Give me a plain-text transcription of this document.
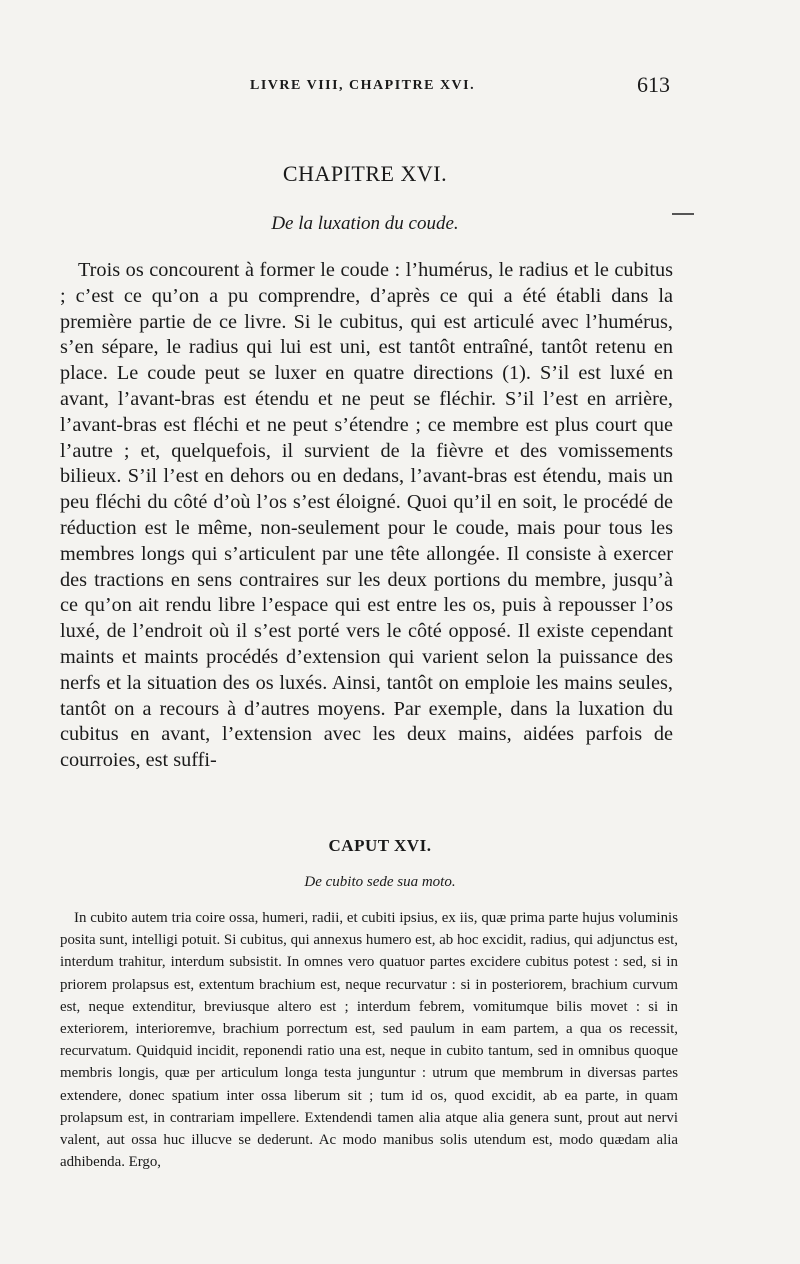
LIVRE VIII, CHAPITRE XVI.	613
CHAPITRE XVI.
De la luxation du coude.

Trois os concourent à former le coude : l’humérus, le radius et le cubitus ; c’est ce qu’on a pu comprendre, d’après ce qui a été établi dans la première partie de ce livre. Si le cubitus, qui est articulé avec l’humérus, s’en sépare, le radius qui lui est uni, est tantôt entraîné, tantôt retenu en place. Le coude peut se luxer en quatre directions (1). S’il est luxé en avant, l’avant-bras est étendu et ne peut se fléchir. S’il l’est en arrière, l’avant-bras est fléchi et ne peut s’étendre ; ce membre est plus court que l’autre ; et, quelquefois, il survient de la fièvre et des vomissements bilieux. S’il l’est en dehors ou en dedans, l’avant-bras est étendu, mais un peu fléchi du côté d’où l’os s’est éloigné. Quoi qu’il en soit, le procédé de réduction est le même, non-seulement pour le coude, mais pour tous les membres longs qui s’articulent par une tête allongée. Il consiste à exercer des tractions en sens contraires sur les deux portions du membre, jusqu’à ce qu’on ait rendu libre l’espace qui est entre les os, puis à repousser l’os luxé, de l’endroit où il s’est porté vers le côté opposé. Il existe cependant maints et maints procédés d’extension qui varient selon la puissance des nerfs et la situation des os luxés. Ainsi, tantôt on emploie les mains seules, tantôt on a recours à d’autres moyens. Par exemple, dans la luxation du cubitus en avant, l’extension avec les deux mains, aidées parfois de courroies, est suffi-

CAPUT XVI.
De cubito sede sua moto.

In cubito autem tria coire ossa, humeri, radii, et cubiti ipsius, ex iis, quæ prima parte hujus voluminis posita sunt, intelligi potuit. Si cubitus, qui annexus humero est, ab hoc excidit, radius, qui adjunctus est, interdum trahitur, interdum subsistit. In omnes vero quatuor partes excidere cubitus potest : sed, si in priorem prolapsus est, extentum brachium est, neque recurvatur : si in posteriorem, brachium curvum est, neque extenditur, breviusque altero est ; interdum febrem, vomitumque bilis movet : si in exteriorem, interioremve, brachium porrectum est, sed paulum in eam partem, a qua os recessit, recurvatum. Quidquid incidit, reponendi ratio una est, neque in cubito tantum, sed in omnibus quoque membris longis, quæ per articulum longa testa junguntur : utrum que membrum in diversas partes extendere, donec spatium inter ossa liberum sit ; tum id os, quod excidit, ab ea parte, in quam prolapsum est, in contrariam impellere. Extendendi tamen alia atque alia genera sunt, prout aut nervi valent, aut ossa huc illucve se dederunt. Ac modo manibus solis utendum est, modo quædam alia adhibenda. Ergo,
